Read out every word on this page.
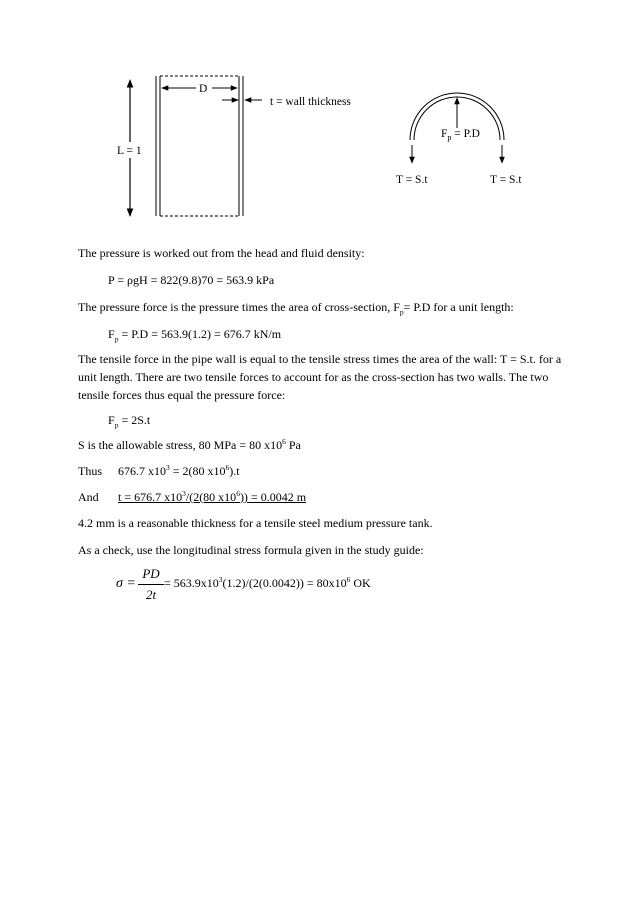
L = 1
D
t = wall thickness
$F_p = P.D$
T = S.t	T = S.t
The pressure is worked out from the head and fluid density:
P = ρgH = 822(9.8)70 = 563.9 kPa
The pressure force is the pressure times the area of cross-section, $F_p= P.D$ for a unit length:
$F_p = P.D = 563.9(1.2) = 676.7$ kN/m
The tensile force in the pipe wall is equal to the tensile stress times the area of the wall: T = S.t. for a unit length. There are two tensile forces to account for as the cross-section has two walls. The two tensile forces thus equal the pressure force:
$F_p = 2S.t$
S is the allowable stress, 80 MPa = 80 $x10^6$ Pa
Thus 676.7 $x10^3 = 2(80$ $x10^6).t$
And t = 676.7 $x10^3/(2(80$ $x10^6)) = 0.0042$ m
4.2 mm is a reasonable thickness for a tensile steel medium pressure tank.
As a check, use the longitudinal stress formula given in the study guide:
σ =
PD
2t
= $563.9x10^3(1.2)/(2(0.0042)) = 80x10^6$ OK
